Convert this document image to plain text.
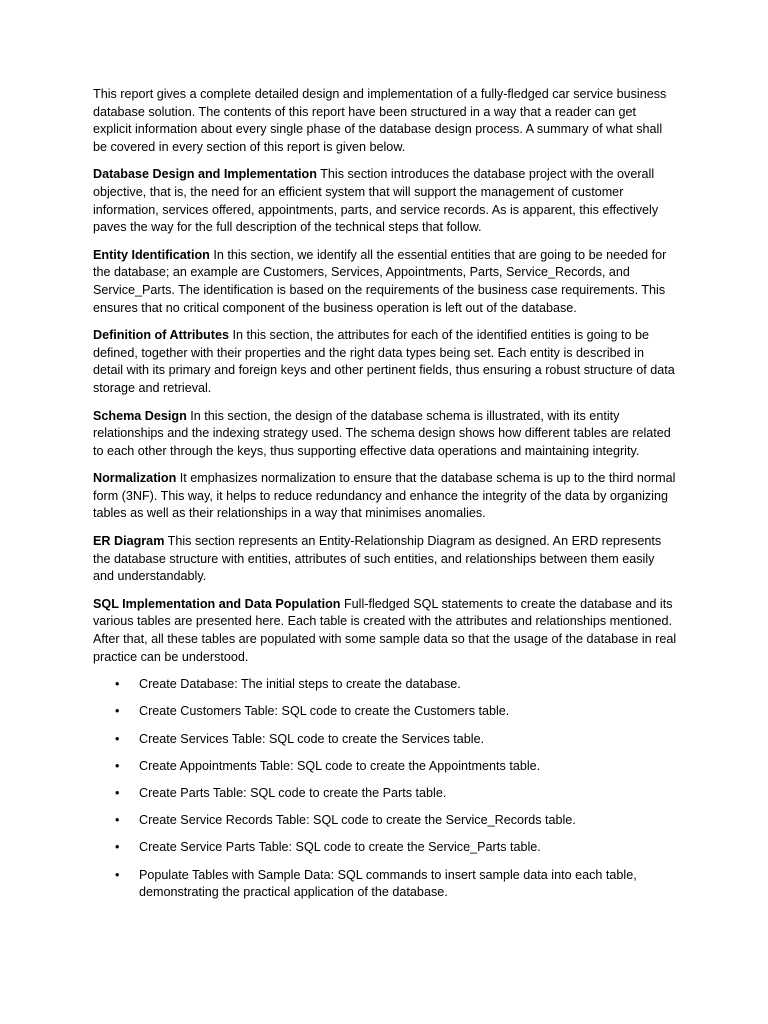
This report gives a complete detailed design and implementation of a fully-fledged car service business database solution. The contents of this report have been structured in a way that a reader can get explicit information about every single phase of the database design process. A summary of what shall be covered in every section of this report is given below.

Database Design and Implementation This section introduces the database project with the overall objective, that is, the need for an efficient system that will support the management of customer information, services offered, appointments, parts, and service records. As is apparent, this effectively paves the way for the full description of the technical steps that follow.

Entity Identification In this section, we identify all the essential entities that are going to be needed for the database; an example are Customers, Services, Appointments, Parts, Service_Records, and Service_Parts. The identification is based on the requirements of the business case requirements. This ensures that no critical component of the business operation is left out of the database.

Definition of Attributes In this section, the attributes for each of the identified entities is going to be defined, together with their properties and the right data types being set. Each entity is described in detail with its primary and foreign keys and other pertinent fields, thus ensuring a robust structure of data storage and retrieval.

Schema Design In this section, the design of the database schema is illustrated, with its entity relationships and the indexing strategy used. The schema design shows how different tables are related to each other through the keys, thus supporting effective data operations and maintaining integrity.

Normalization It emphasizes normalization to ensure that the database schema is up to the third normal form (3NF). This way, it helps to reduce redundancy and enhance the integrity of the data by organizing tables as well as their relationships in a way that minimises anomalies.

ER Diagram This section represents an Entity-Relationship Diagram as designed. An ERD represents the database structure with entities, attributes of such entities, and relationships between them easily and understandably.

SQL Implementation and Data Population Full-fledged SQL statements to create the database and its various tables are presented here. Each table is created with the attributes and relationships mentioned. After that, all these tables are populated with some sample data so that the usage of the database in real practice can be understood.

• Create Database: The initial steps to create the database.
• Create Customers Table: SQL code to create the Customers table.
• Create Services Table: SQL code to create the Services table.
• Create Appointments Table: SQL code to create the Appointments table.
• Create Parts Table: SQL code to create the Parts table.
• Create Service Records Table: SQL code to create the Service_Records table.
• Create Service Parts Table: SQL code to create the Service_Parts table.
• Populate Tables with Sample Data: SQL commands to insert sample data into each table, demonstrating the practical application of the database.
